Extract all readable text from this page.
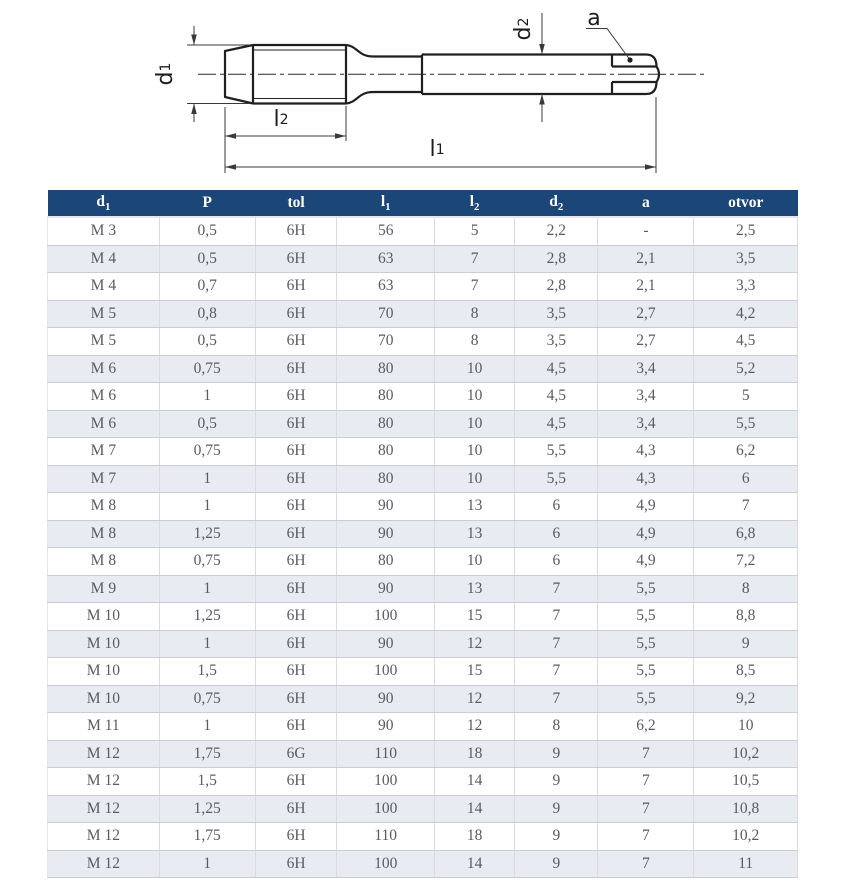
d
1
l 2
l 1
d
2	a
$d_1$	P	tol	$l_1$	$l_2$	$d_2$	a	otvor
M 3	0,5	6H	56	5	2,2	-	2,5
M 4	0,5	6H	63	7	2,8	2,1	3,5
M 4	0,7	6H	63	7	2,8	2,1	3,3
M 5	0,8	6H	70	8	3,5	2,7	4,2
M 5	0,5	6H	70	8	3,5	2,7	4,5
M 6	0,75	6H	80	10	4,5	3,4	5,2
M 6	1	6H	80	10	4,5	3,4	5
M 6	0,5	6H	80	10	4,5	3,4	5,5
M 7	0,75	6H	80	10	5,5	4,3	6,2
M 7	1	6H	80	10	5,5	4,3	6
M 8	1	6H	90	13	6	4,9	7
M 8	1,25	6H	90	13	6	4,9	6,8
M 8	0,75	6H	80	10	6	4,9	7,2
M 9	1	6H	90	13	7	5,5	8
M 10	1,25	6H	100	15	7	5,5	8,8
M 10	1	6H	90	12	7	5,5	9
M 10	1,5	6H	100	15	7	5,5	8,5
M 10	0,75	6H	90	12	7	5,5	9,2
M 11	1	6H	90	12	8	6,2	10
M 12	1,75	6G	110	18	9	7	10,2
M 12	1,5	6H	100	14	9	7	10,5
M 12	1,25	6H	100	14	9	7	10,8
M 12	1,75	6H	110	18	9	7	10,2
M 12	1	6H	100	14	9	7	11
